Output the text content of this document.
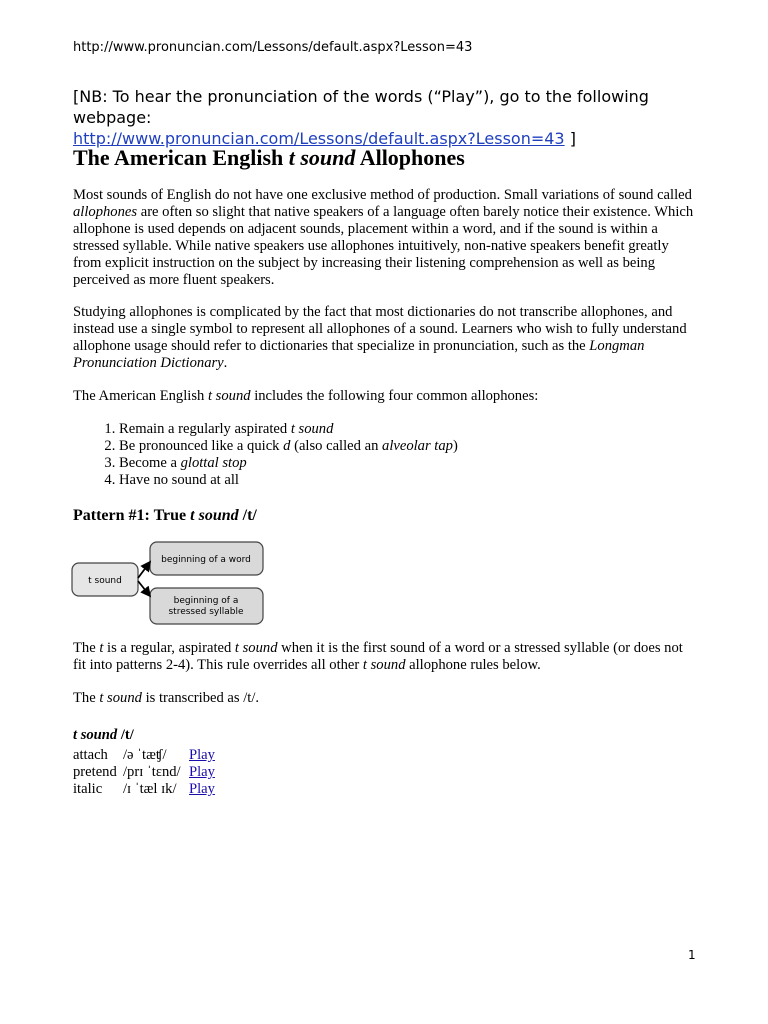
http://www.pronuncian.com/Lessons/default.aspx?Lesson=43
[NB: To hear the pronunciation of the words (“Play”), go to the following webpage:
http://www.pronuncian.com/Lessons/default.aspx?Lesson=43 ]
The American English t sound Allophones

Most sounds of English do not have one exclusive method of production. Small variations of sound called allophones are often so slight that native speakers of a language often barely notice their existence. Which allophone is used depends on adjacent sounds, placement within a word, and if the sound is within a stressed syllable. While native speakers use allophones intuitively, non-native speakers benefit greatly from explicit instruction on the subject by increasing their listening comprehension as well as being perceived as more fluent speakers.

Studying allophones is complicated by the fact that most dictionaries do not transcribe allophones, and instead use a single symbol to represent all allophones of a sound. Learners who wish to fully understand allophone usage should refer to dictionaries that specialize in pronunciation, such as the Longman Pronunciation Dictionary.

The American English t sound includes the following four common allophones:

1. Remain a regularly aspirated t sound
2. Be pronounced like a quick d (also called an alveolar tap)
3. Become a glottal stop
4. Have no sound at all
Pattern #1: True t sound /t/
t sound
beginning of a word
beginning of a
stressed syllable

The t is a regular, aspirated t sound when it is the first sound of a word or a stressed syllable (or does not fit into patterns 2-4). This rule overrides all other t sound allophone rules below.

The t sound is transcribed as /t/.

t sound /t/
attach	/ə ˈtæʧ/	Play
pretend	/prɪ ˈtɛnd/	Play
italic	/ɪ ˈtæl ɪk/	Play
1
